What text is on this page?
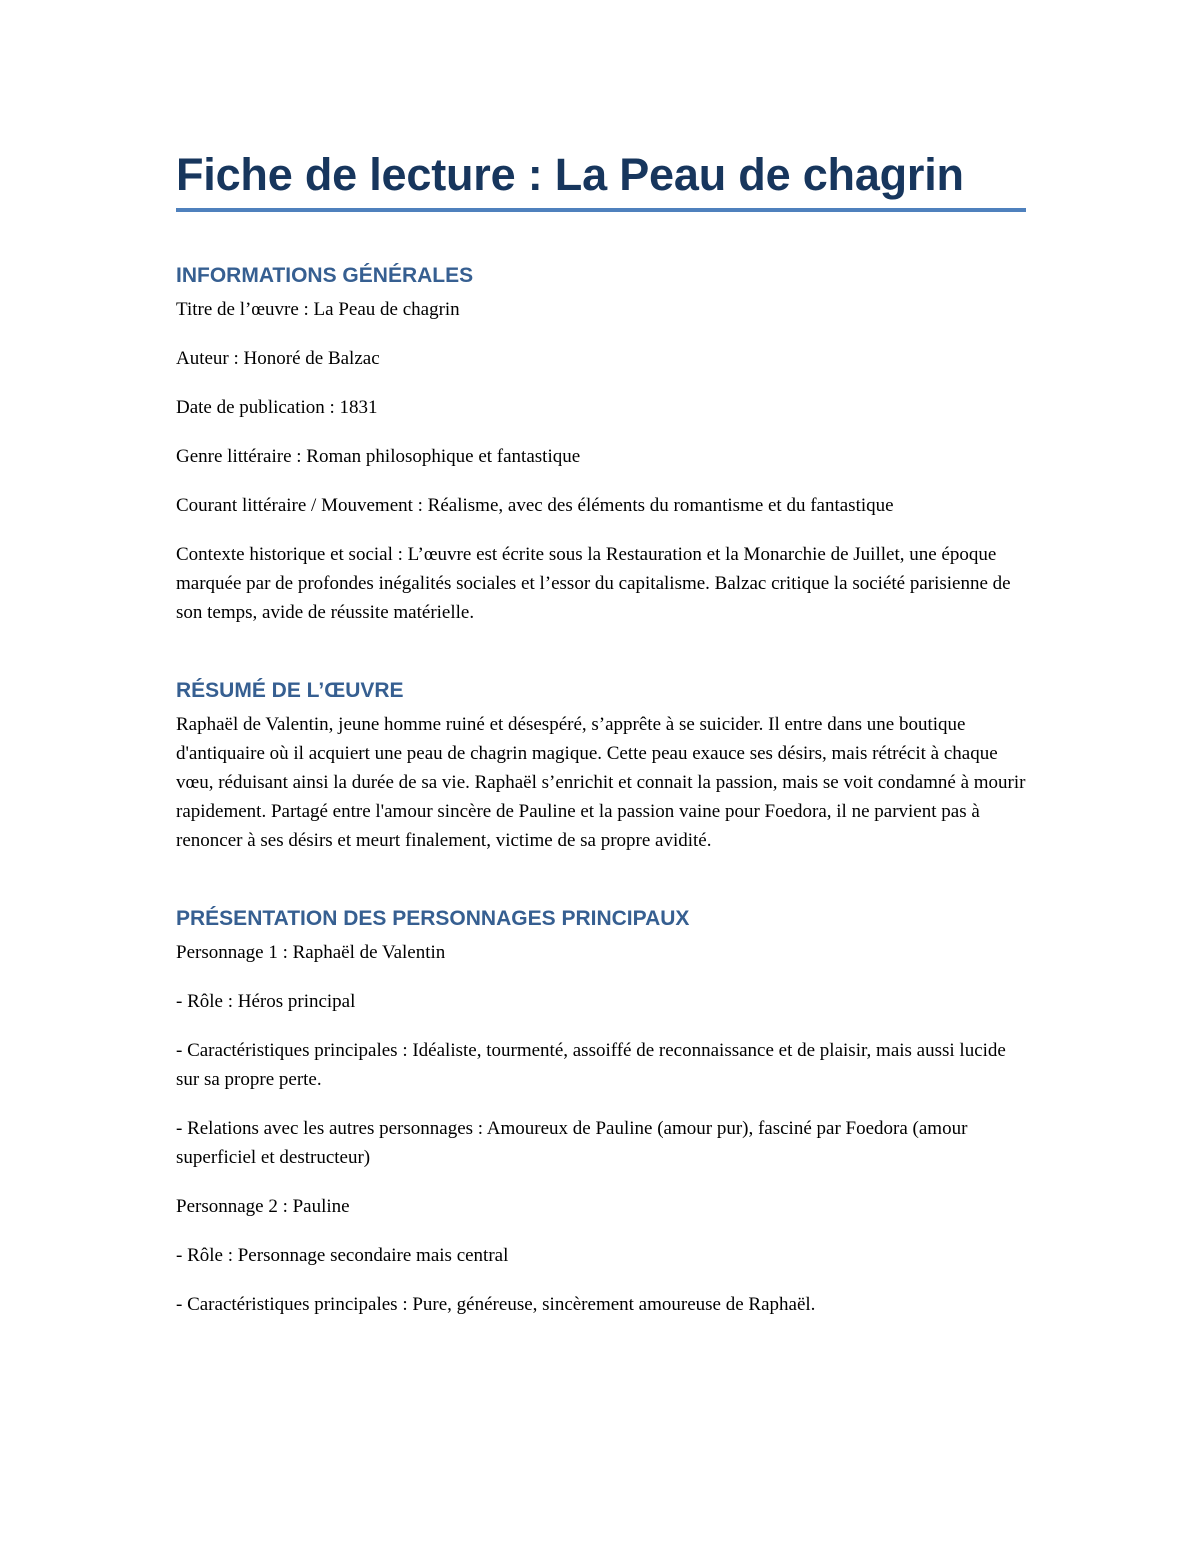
Fiche de lecture : La Peau de chagrin
INFORMATIONS GÉNÉRALES

Titre de l’œuvre : La Peau de chagrin

Auteur : Honoré de Balzac

Date de publication : 1831

Genre littéraire : Roman philosophique et fantastique

Courant littéraire / Mouvement : Réalisme, avec des éléments du romantisme et du fantastique

Contexte historique et social : L’œuvre est écrite sous la Restauration et la Monarchie de Juillet, une époque marquée par de profondes inégalités sociales et l’essor du capitalisme. Balzac critique la société parisienne de son temps, avide de réussite matérielle.

RÉSUMÉ DE L’ŒUVRE

Raphaël de Valentin, jeune homme ruiné et désespéré, s’apprête à se suicider. Il entre dans une boutique d'antiquaire où il acquiert une peau de chagrin magique. Cette peau exauce ses désirs, mais rétrécit à chaque vœu, réduisant ainsi la durée de sa vie. Raphaël s’enrichit et connait la passion, mais se voit condamné à mourir rapidement. Partagé entre l'amour sincère de Pauline et la passion vaine pour Foedora, il ne parvient pas à renoncer à ses désirs et meurt finalement, victime de sa propre avidité.

PRÉSENTATION DES PERSONNAGES PRINCIPAUX

Personnage 1 : Raphaël de Valentin

- Rôle : Héros principal

- Caractéristiques principales : Idéaliste, tourmenté, assoiffé de reconnaissance et de plaisir, mais aussi lucide sur sa propre perte.

- Relations avec les autres personnages : Amoureux de Pauline (amour pur), fasciné par Foedora (amour superficiel et destructeur)

Personnage 2 : Pauline

- Rôle : Personnage secondaire mais central

- Caractéristiques principales : Pure, généreuse, sincèrement amoureuse de Raphaël.
